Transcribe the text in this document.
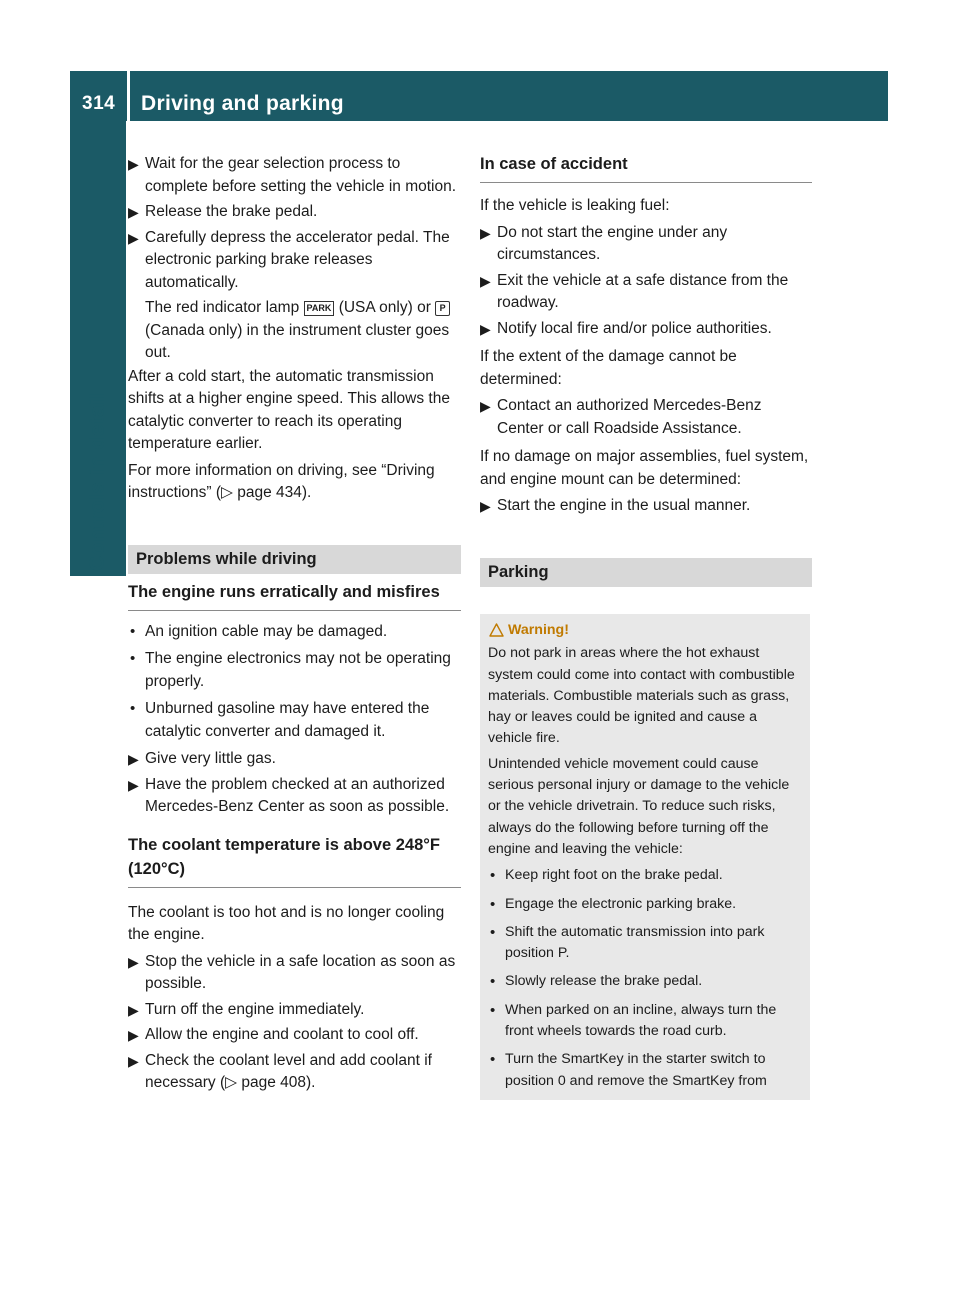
314 Driving and parking
Controls in detail

▶ Wait for the gear selection process to complete before setting the vehicle in motion.

▶ Release the brake pedal.

▶ Carefully depress the accelerator pedal. The electronic parking brake releases automatically.

The red indicator lamp PARK (USA only) or P (Canada only) in the instrument cluster goes out.

After a cold start, the automatic transmission shifts at a higher engine speed. This allows the catalytic converter to reach its operating temperature earlier.

For more information on driving, see “Driving instructions” (▷ page 434).

Problems while driving
The engine runs erratically and misfires

• An ignition cable may be damaged.

• The engine electronics may not be operating properly.

• Unburned gasoline may have entered the catalytic converter and damaged it.

▶ Give very little gas.

▶ Have the problem checked at an authorized Mercedes-Benz Center as soon as possible.

The coolant temperature is above 248°F (120°C)

The coolant is too hot and is no longer cooling the engine.

▶ Stop the vehicle in a safe location as soon as possible.

▶ Turn off the engine immediately.

▶ Allow the engine and coolant to cool off.

▶ Check the coolant level and add coolant if necessary (▷ page 408).

In case of accident

If the vehicle is leaking fuel:

▶ Do not start the engine under any circumstances.

▶ Exit the vehicle at a safe distance from the roadway.

▶ Notify local fire and/or police authorities.

If the extent of the damage cannot be determined:

▶ Contact an authorized Mercedes-Benz Center or call Roadside Assistance.

If no damage on major assemblies, fuel system, and engine mount can be determined:

▶ Start the engine in the usual manner.

Parking
Warning!

Do not park in areas where the hot exhaust system could come into contact with combustible materials. Combustible materials such as grass, hay or leaves could be ignited and cause a vehicle fire.

Unintended vehicle movement could cause serious personal injury or damage to the vehicle or the vehicle drivetrain. To reduce such risks, always do the following before turning off the engine and leaving the vehicle:

• Keep right foot on the brake pedal.

• Engage the electronic parking brake.

• Shift the automatic transmission into park position P.

• Slowly release the brake pedal.

• When parked on an incline, always turn the front wheels towards the road curb.

• Turn the SmartKey in the starter switch to position 0 and remove the SmartKey from
